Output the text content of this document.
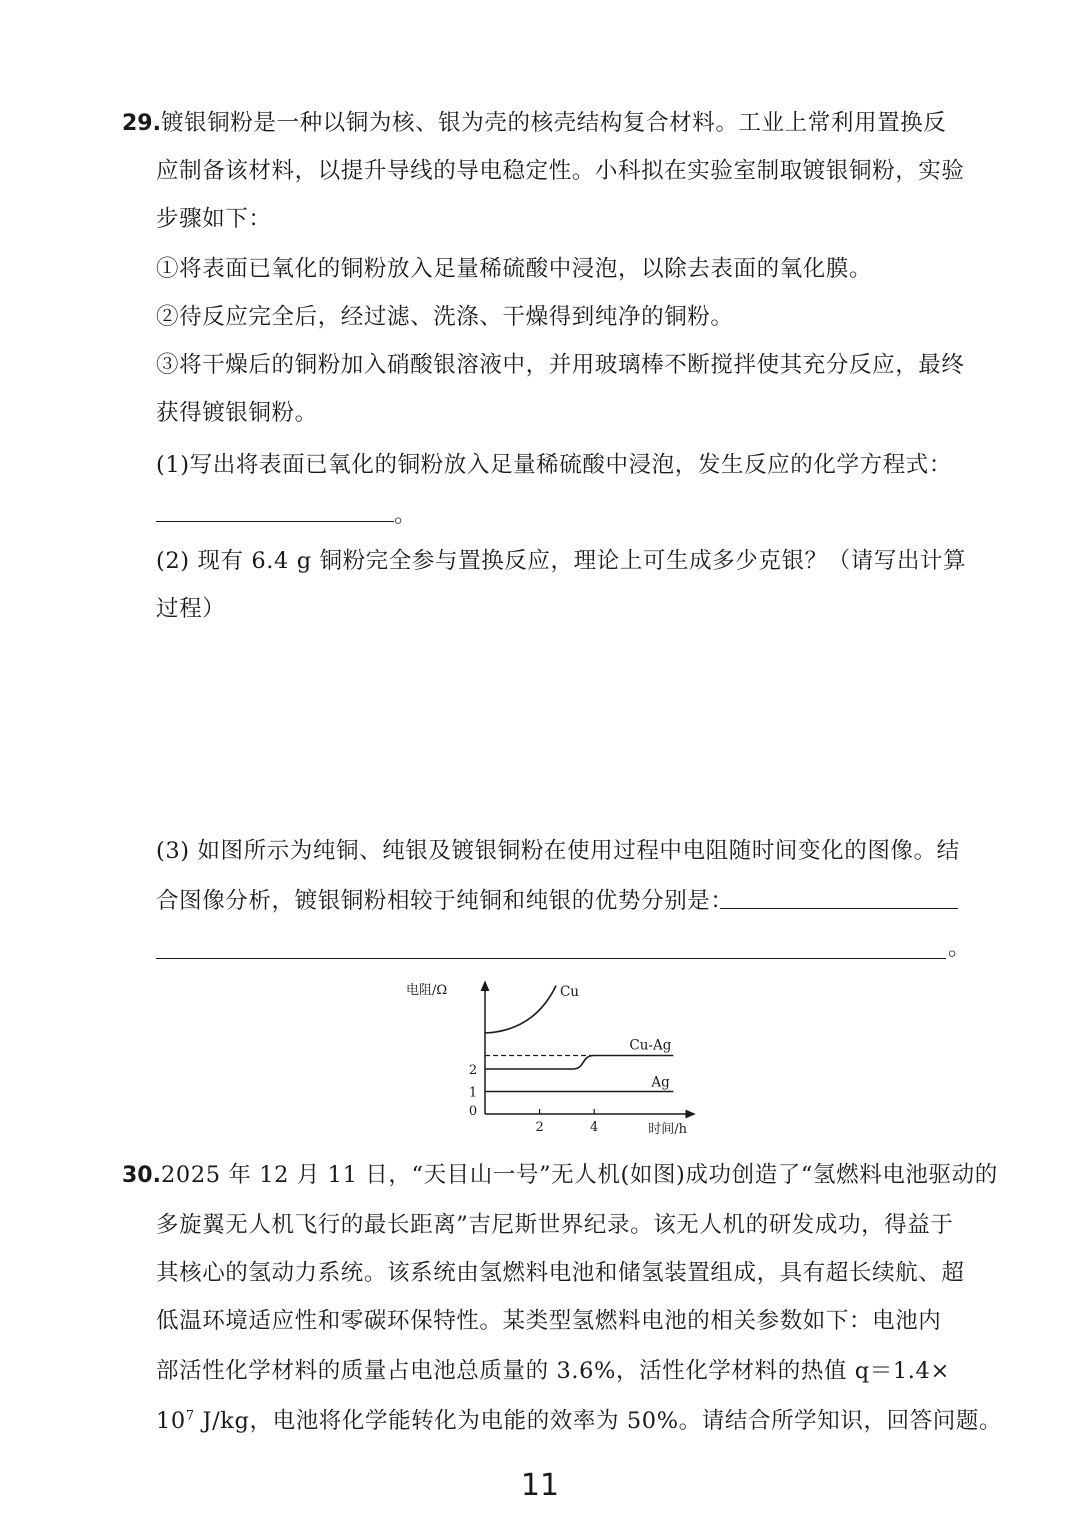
29.镀银铜粉是一种以铜为核、银为壳的核壳结构复合材料。工业上常利用置换反
应制备该材料，以提升导线的导电稳定性。小科拟在实验室制取镀银铜粉，实验
步骤如下：
①将表面已氧化的铜粉放入足量稀硫酸中浸泡，以除去表面的氧化膜。
②待反应完全后，经过滤、洗涤、干燥得到纯净的铜粉。
③将干燥后的铜粉加入硝酸银溶液中，并用玻璃棒不断搅拌使其充分反应，最终
获得镀银铜粉。
(1)写出将表面已氧化的铜粉放入足量稀硫酸中浸泡，发生反应的化学方程式：
。
(2) 现有 6.4 g 铜粉完全参与置换反应，理论上可生成多少克银？（请写出计算
过程）
(3) 如图所示为纯铜、纯银及镀银铜粉在使用过程中电阻随时间变化的图像。结
合图像分析，镀银铜粉相较于纯铜和纯银的优势分别是：
。
电阻/Ω
时间/h
0
1
2
2	4
Cu
Cu-Ag
Ag
30.2025 年 12 月 11 日，“天目山一号”无人机(如图)成功创造了“氢燃料电池驱动的
多旋翼无人机飞行的最长距离”吉尼斯世界纪录。该无人机的研发成功，得益于
其核心的氢动力系统。该系统由氢燃料电池和储氢装置组成，具有超长续航、超
低温环境适应性和零碳环保特性。某类型氢燃料电池的相关参数如下：电池内
部活性化学材料的质量占电池总质量的 3.6%，活性化学材料的热值 q＝1.4×
$10^7$ J/kg，电池将化学能转化为电能的效率为 50%。请结合所学知识，回答问题。
11
